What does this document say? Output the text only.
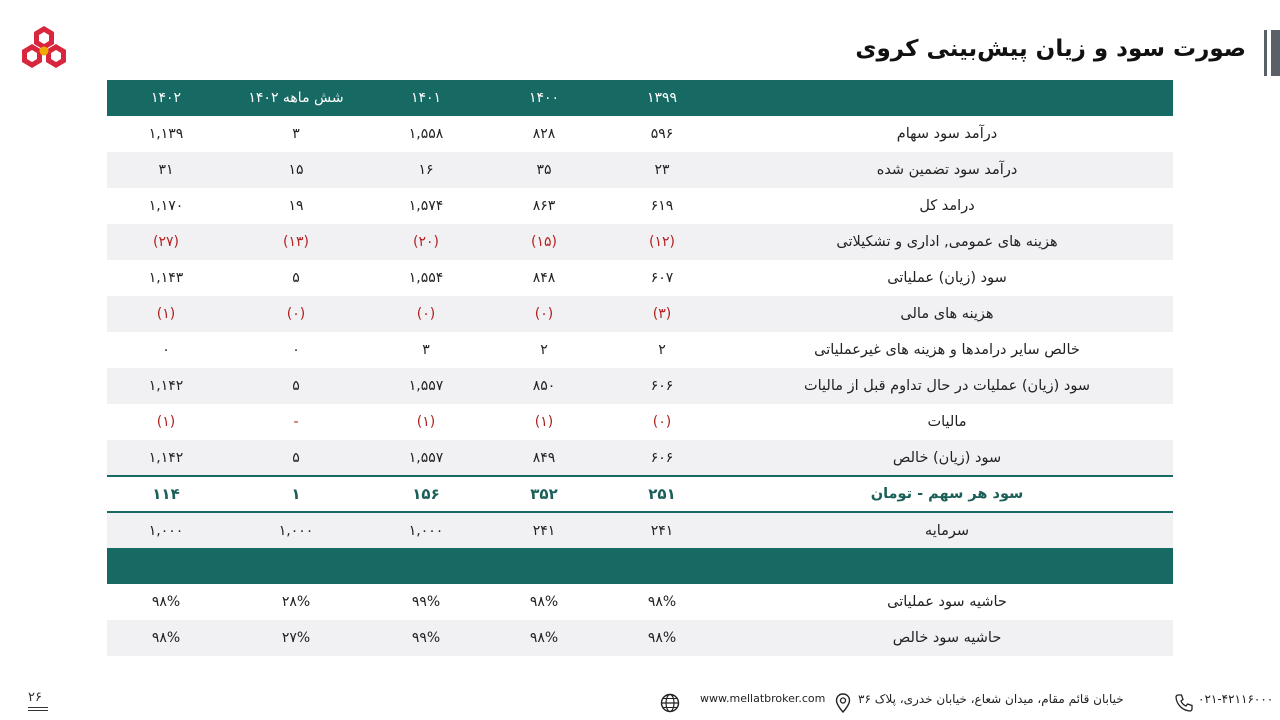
صورت سود و زیان پیش‌بینی کروی
۱۴۰۲	شش ماهه ۱۴۰۲	۱۴۰۱	۱۴۰۰	۱۳۹۹	
۱,۱۳۹	۳	۱,۵۵۸	۸۲۸	۵۹۶	درآمد سود سهام
۳۱	۱۵	۱۶	۳۵	۲۳	درآمد سود تضمین شده
۱,۱۷۰	۱۹	۱,۵۷۴	۸۶۳	۶۱۹	درامد کل
(۲۷)	(۱۳)	(۲۰)	(۱۵)	(۱۲)	هزینه های عمومی, اداری و تشکیلاتی
۱,۱۴۳	۵	۱,۵۵۴	۸۴۸	۶۰۷	سود (زیان) عملیاتی
(۱)	(۰)	(۰)	(۰)	(۳)	هزینه های مالی
۰	۰	۳	۲	۲	خالص سایر درامدها و هزینه های غیرعملیاتی
۱,۱۴۲	۵	۱,۵۵۷	۸۵۰	۶۰۶	سود (زیان) عملیات در حال تداوم قبل از مالیات
(۱)	-	(۱)	(۱)	(۰)	مالیات
۱,۱۴۲	۵	۱,۵۵۷	۸۴۹	۶۰۶	سود (زیان) خالص
۱۱۴	۱	۱۵۶	۳۵۲	۲۵۱	سود هر سهم - تومان
۱,۰۰۰	۱,۰۰۰	۱,۰۰۰	۲۴۱	۲۴۱	سرمایه

۹۸%	۲۸%	۹۹%	۹۸%	۹۸%	حاشیه سود عملیاتی
۹۸%	۲۷%	۹۹%	۹۸%	۹۸%	حاشیه سود خالص
۲۶	www.mellatbroker.com	خیابان قائم مقام، میدان شعاع، خیابان خدری، پلاک ۳۶	۰۲۱-۴۲۱۱۶۰۰۰
